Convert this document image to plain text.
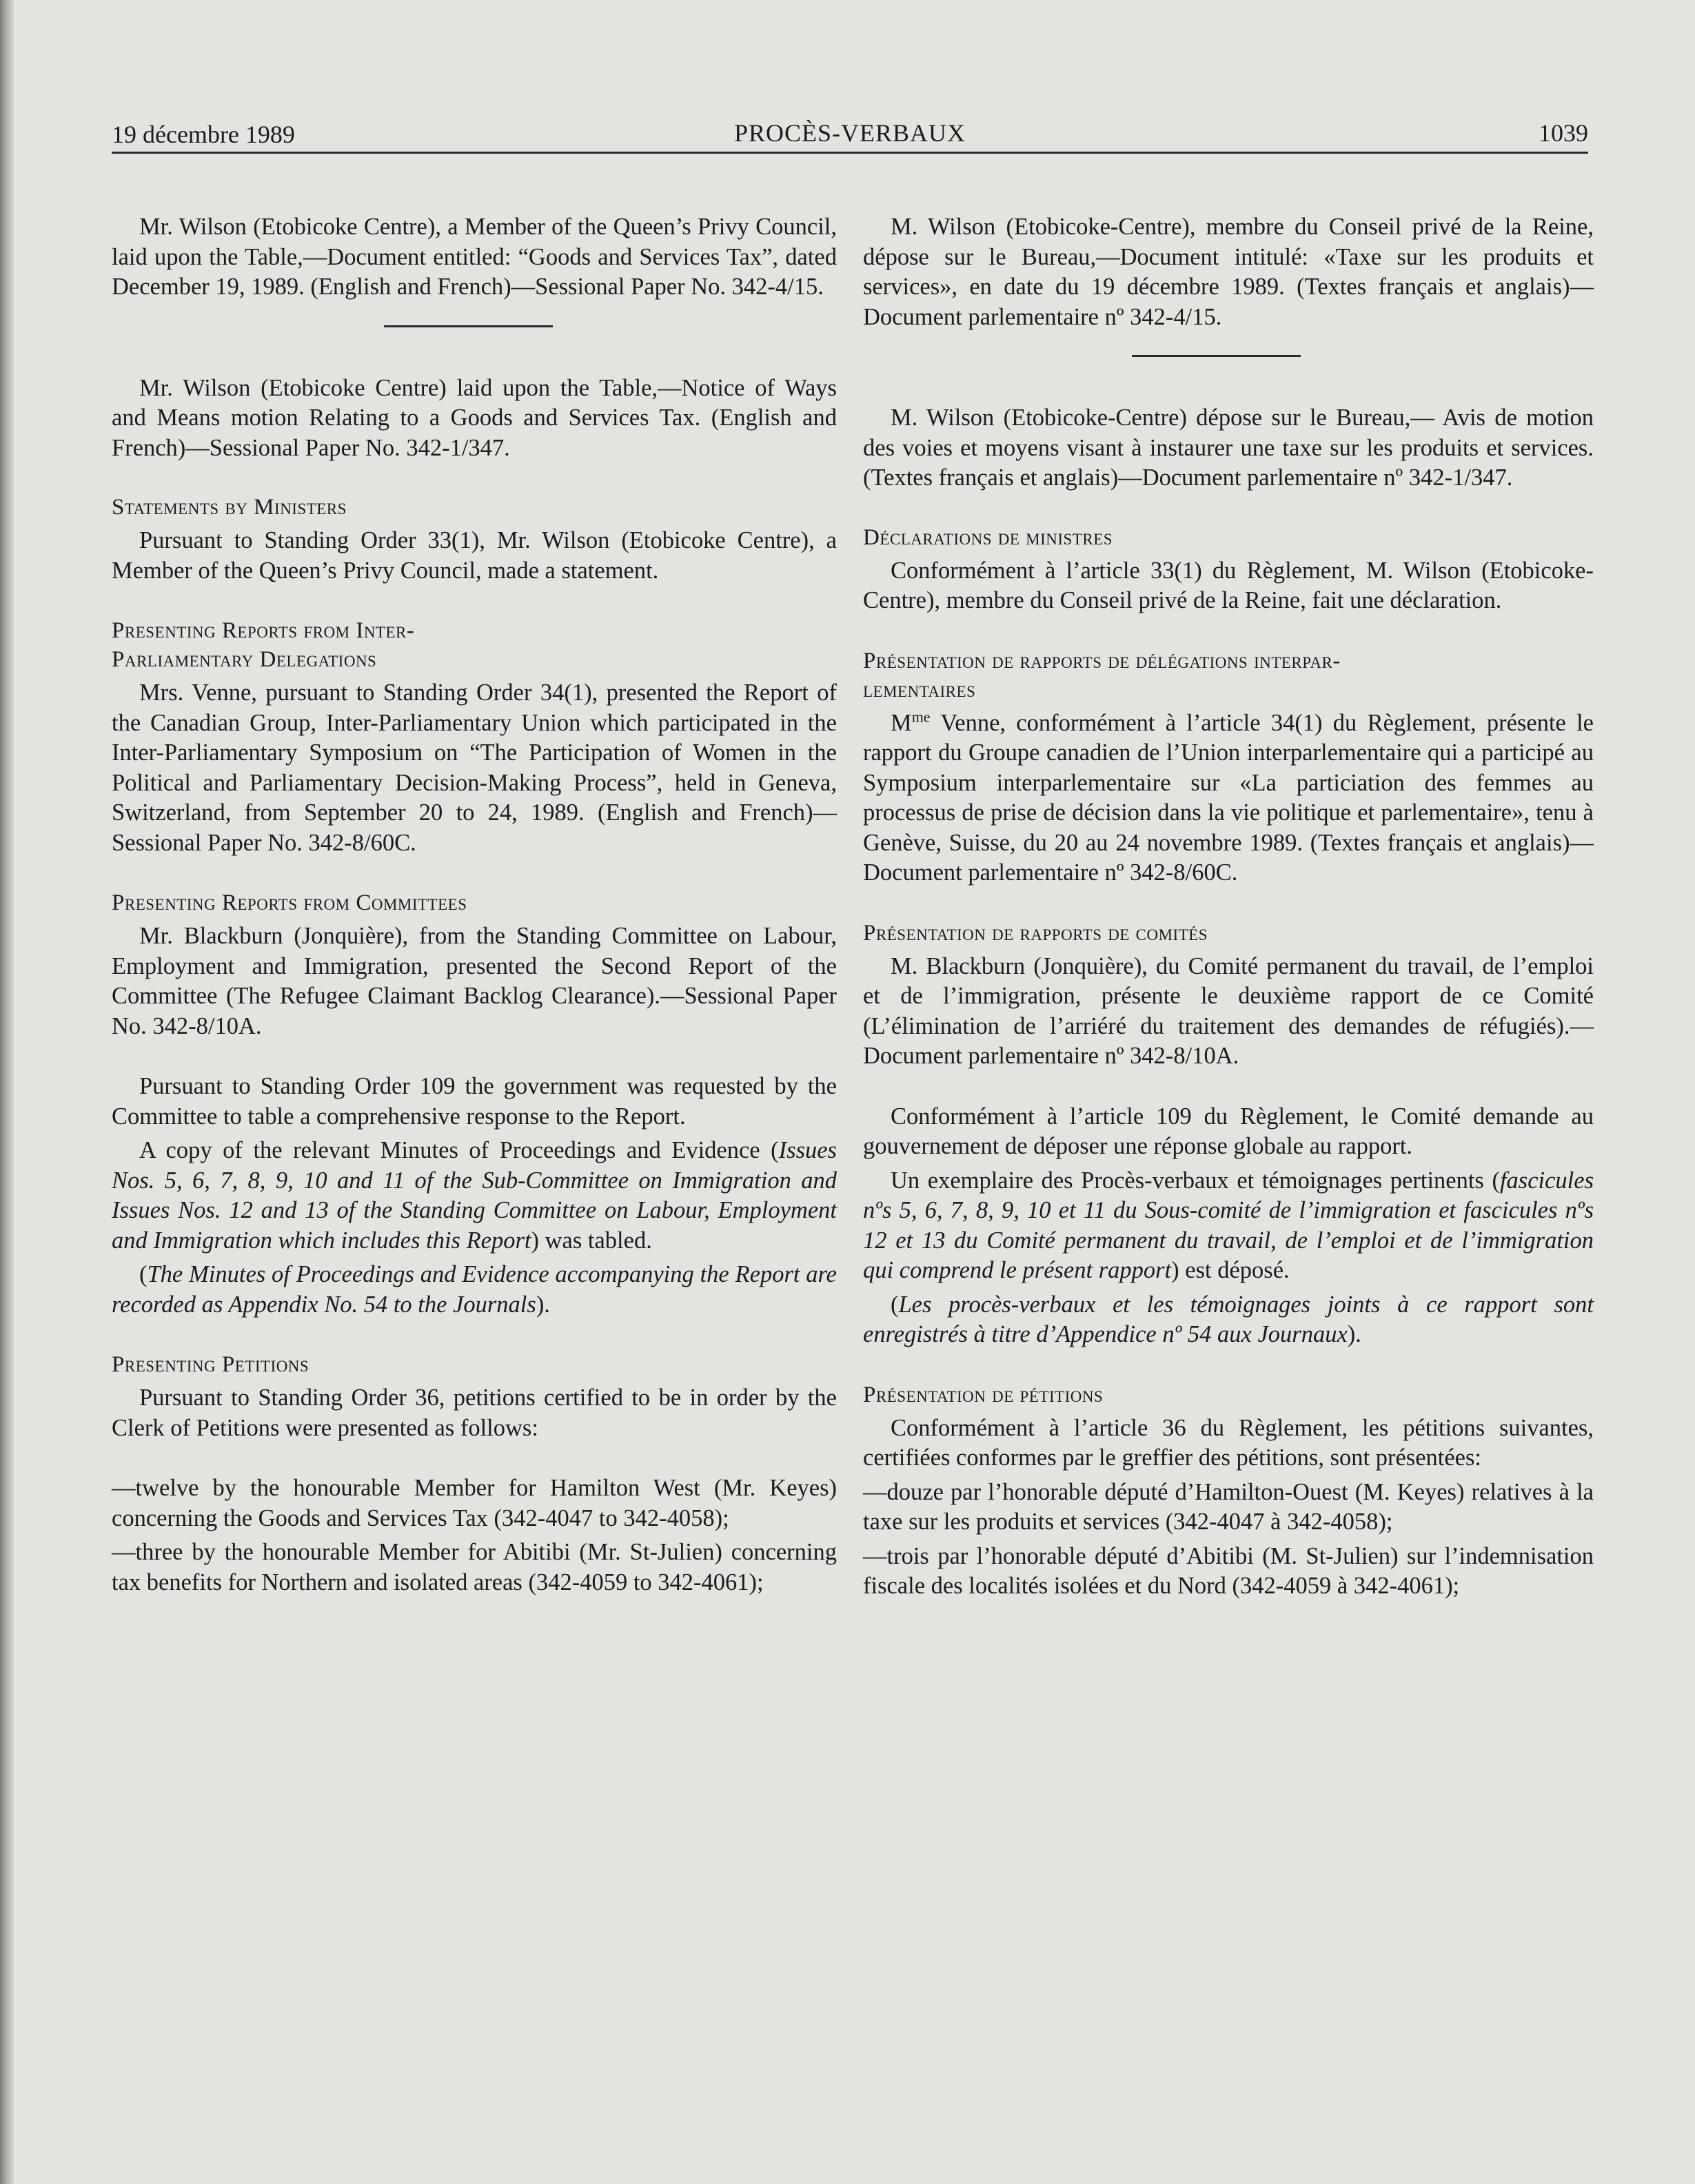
19 décembre 1989	PROCÈS-VERBAUX	1039

Mr. Wilson (Etobicoke Centre), a Member of the Queen’s Privy Council, laid upon the Table,—Document entitled: “Goods and Services Tax”, dated December 19, 1989. (English and French)—Sessional Paper No. 342-4/15.

Mr. Wilson (Etobicoke Centre) laid upon the Table,—Notice of Ways and Means motion Relating to a Goods and Services Tax. (English and French)—Sessional Paper No. 342-1/347.

Statements by Ministers

Pursuant to Standing Order 33(1), Mr. Wilson (Etobicoke Centre), a Member of the Queen’s Privy Council, made a statement.

Presenting Reports from Inter-
Parliamentary Delegations

Mrs. Venne, pursuant to Standing Order 34(1), presented the Report of the Canadian Group, Inter-Parliamentary Union which participated in the Inter-Parliamentary Symposium on “The Participation of Women in the Political and Parliamentary Decision-Making Process”, held in Geneva, Switzerland, from September 20 to 24, 1989. (English and French)—Sessional Paper No. 342-8/60C.

Presenting Reports from Committees

Mr. Blackburn (Jonquière), from the Standing Committee on Labour, Employment and Immigration, presented the Second Report of the Committee (The Refugee Claimant Backlog Clearance).—Sessional Paper No. 342-8/10A.

Pursuant to Standing Order 109 the government was requested by the Committee to table a comprehensive response to the Report.

A copy of the relevant Minutes of Proceedings and Evidence (Issues Nos. 5, 6, 7, 8, 9, 10 and 11 of the Sub-Committee on Immigration and Issues Nos. 12 and 13 of the Standing Committee on Labour, Employment and Immigration which includes this Report) was tabled.

(The Minutes of Proceedings and Evidence accompanying the Report are recorded as Appendix No. 54 to the Journals).

Presenting Petitions

Pursuant to Standing Order 36, petitions certified to be in order by the Clerk of Petitions were presented as follows:

—twelve by the honourable Member for Hamilton West (Mr. Keyes) concerning the Goods and Services Tax (342-4047 to 342-4058);

—three by the honourable Member for Abitibi (Mr. St-Julien) concerning tax benefits for Northern and isolated areas (342-4059 to 342-4061);

M. Wilson (Etobicoke-Centre), membre du Conseil privé de la Reine, dépose sur le Bureau,—Document intitulé: «Taxe sur les produits et services», en date du 19 décembre 1989. (Textes français et anglais)—Document parlementaire nº 342-4/15.

M. Wilson (Etobicoke-Centre) dépose sur le Bureau,— Avis de motion des voies et moyens visant à instaurer une taxe sur les produits et services. (Textes français et anglais)—Document parlementaire nº 342-1/347.

Déclarations de ministres

Conformément à l’article 33(1) du Règlement, M. Wilson (Etobicoke-Centre), membre du Conseil privé de la Reine, fait une déclaration.

Présentation de rapports de délégations interpar-
lementaires

$M^{me}$ Venne, conformément à l’article 34(1) du Règlement, présente le rapport du Groupe canadien de l’Union interparlementaire qui a participé au Symposium interparlementaire sur «La particiation des femmes au processus de prise de décision dans la vie politique et parlementaire», tenu à Genève, Suisse, du 20 au 24 novembre 1989. (Textes français et anglais)—Document parlementaire nº 342-8/60C.

Présentation de rapports de comités

M. Blackburn (Jonquière), du Comité permanent du travail, de l’emploi et de l’immigration, présente le deuxième rapport de ce Comité (L’élimination de l’arriéré du traitement des demandes de réfugiés).—Document parlementaire nº 342-8/10A.

Conformément à l’article 109 du Règlement, le Comité demande au gouvernement de déposer une réponse globale au rapport.

Un exemplaire des Procès-verbaux et témoignages pertinents (fascicules nºs 5, 6, 7, 8, 9, 10 et 11 du Sous-comité de l’immigration et fascicules nºs 12 et 13 du Comité permanent du travail, de l’emploi et de l’immigration qui comprend le présent rapport) est déposé.

(Les procès-verbaux et les témoignages joints à ce rapport sont enregistrés à titre d’Appendice nº 54 aux Journaux).

Présentation de pétitions

Conformément à l’article 36 du Règlement, les pétitions suivantes, certifiées conformes par le greffier des pétitions, sont présentées:

—douze par l’honorable député d’Hamilton-Ouest (M. Keyes) relatives à la taxe sur les produits et services (342-4047 à 342-4058);

—trois par l’honorable député d’Abitibi (M. St-Julien) sur l’indemnisation fiscale des localités isolées et du Nord (342-4059 à 342-4061);
